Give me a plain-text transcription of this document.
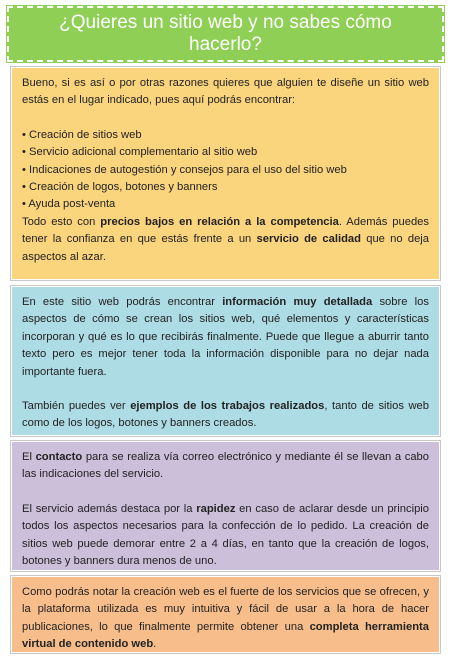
¿Quieres un sitio web y no sabes cómo hacerlo?

Bueno, si es así o por otras razones quieres que alguien te diseñe un sitio web estás en el lugar indicado, pues aquí podrás encontrar:

• Creación de sitios web
• Servicio adicional complementario al sitio web
• Indicaciones de autogestión y consejos para el uso del sitio web
• Creación de logos, botones y banners
• Ayuda post-venta

Todo esto con precios bajos en relación a la competencia. Además puedes tener la confianza en que estás frente a un servicio de calidad que no deja aspectos al azar.

En este sitio web podrás encontrar información muy detallada sobre los aspectos de cómo se crean los sitios web, qué elementos y características incorporan y qué es lo que recibirás finalmente. Puede que llegue a aburrir tanto texto pero es mejor tener toda la información disponible para no dejar nada importante fuera.

También puedes ver ejemplos de los trabajos realizados, tanto de sitios web como de los logos, botones y banners creados.

El contacto para se realiza vía correo electrónico y mediante él se llevan a cabo las indicaciones del servicio.

El servicio además destaca por la rapidez en caso de aclarar desde un principio todos los aspectos necesarios para la confección de lo pedido. La creación de sitios web puede demorar entre 2 a 4 días, en tanto que la creación de logos, botones y banners dura menos de uno.

Como podrás notar la creación web es el fuerte de los servicios que se ofrecen, y la plataforma utilizada es muy intuitiva y fácil de usar a la hora de hacer publicaciones, lo que finalmente permite obtener una completa herramienta virtual de contenido web.
